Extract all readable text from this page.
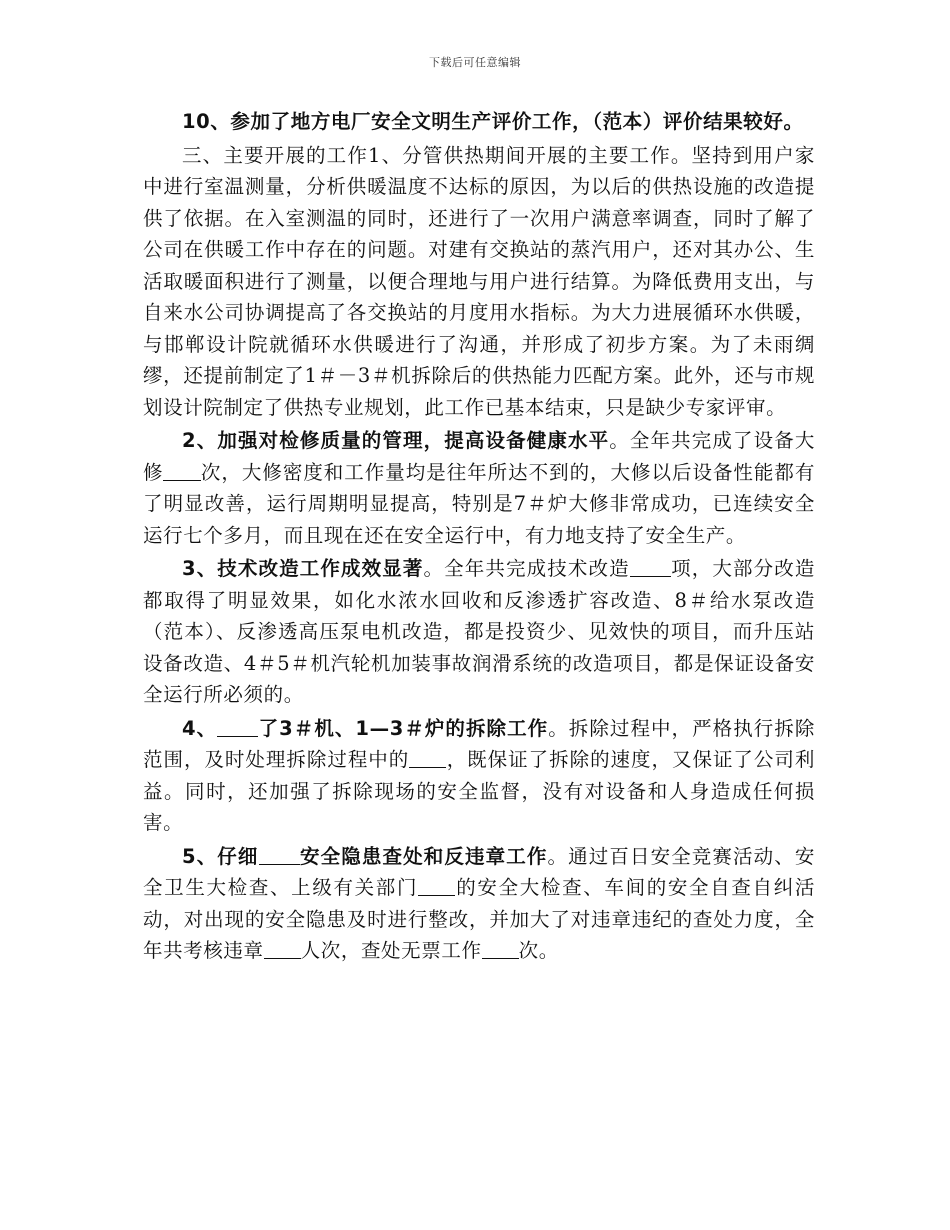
下载后可任意编辑

10、参加了地方电厂安全文明生产评价工作，（范本）评价结果较好。

三、主要开展的工作1、分管供热期间开展的主要工作。坚持到用户家中进行室温测量，分析供暖温度不达标的原因，为以后的供热设施的改造提供了依据。在入室测温的同时，还进行了一次用户满意率调查，同时了解了公司在供暖工作中存在的问题。对建有交换站的蒸汽用户，还对其办公、生活取暖面积进行了测量，以便合理地与用户进行结算。为降低费用支出，与自来水公司协调提高了各交换站的月度用水指标。为大力进展循环水供暖，与邯郸设计院就循环水供暖进行了沟通，并形成了初步方案。为了未雨绸缪，还提前制定了1＃－3＃机拆除后的供热能力匹配方案。此外，还与市规划设计院制定了供热专业规划，此工作已基本结束，只是缺少专家评审。

2、加强对检修质量的管理，提高设备健康水平。全年共完成了设备大修 次，大修密度和工作量均是往年所达不到的，大修以后设备性能都有了明显改善，运行周期明显提高，特别是7＃炉大修非常成功，已连续安全运行七个多月，而且现在还在安全运行中，有力地支持了安全生产。

3、技术改造工作成效显著。全年共完成技术改造 项，大部分改造都取得了明显效果，如化水浓水回收和反渗透扩容改造、8＃给水泵改造（范本）、反渗透高压泵电机改造，都是投资少、见效快的项目，而升压站设备改造、4＃5＃机汽轮机加装事故润滑系统的改造项目，都是保证设备安全运行所必须的。

4、 了3＃机、1—3＃炉的拆除工作。拆除过程中，严格执行拆除范围，及时处理拆除过程中的 ，既保证了拆除的速度，又保证了公司利益。同时，还加强了拆除现场的安全监督，没有对设备和人身造成任何损害。

5、仔细 安全隐患查处和反违章工作。通过百日安全竞赛活动、安全卫生大检查、上级有关部门 的安全大检查、车间的安全自查自纠活动，对出现的安全隐患及时进行整改，并加大了对违章违纪的查处力度，全年共考核违章 人次，查处无票工作 次。
